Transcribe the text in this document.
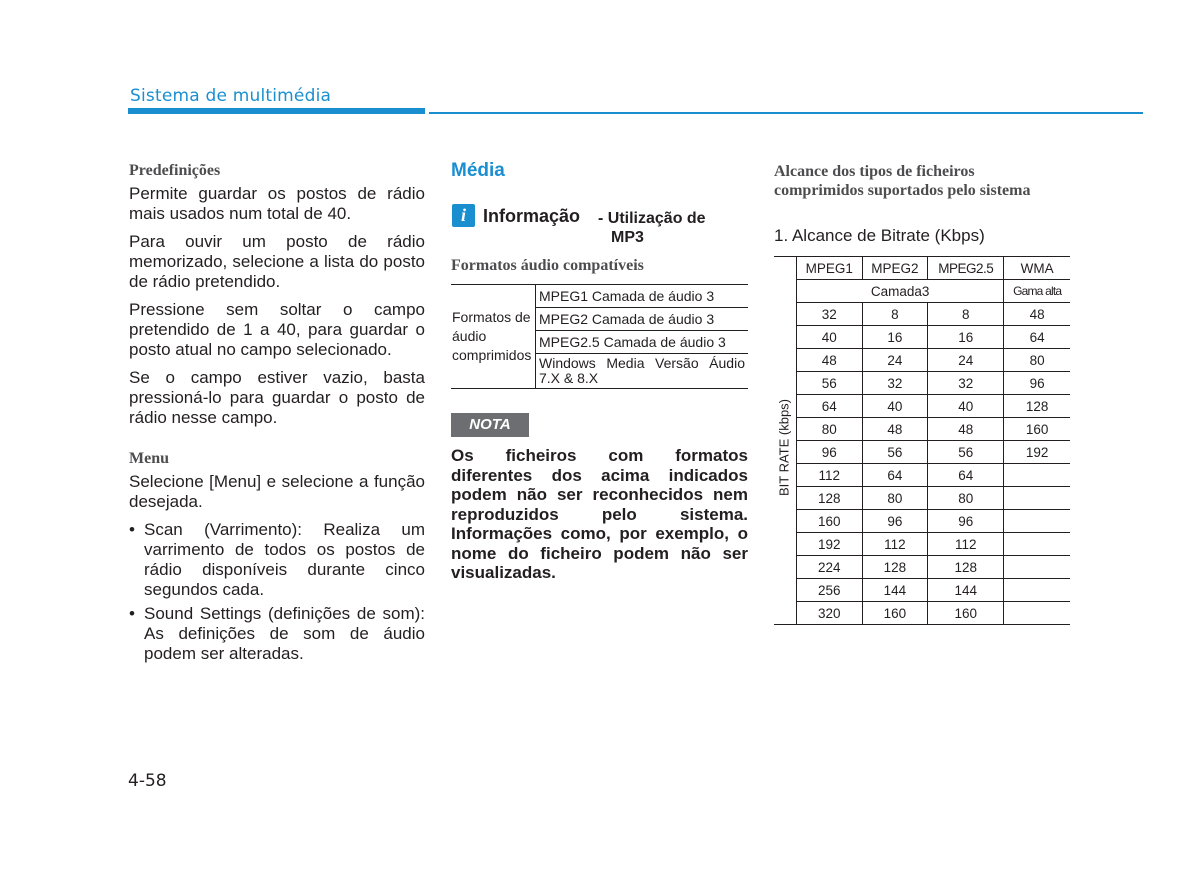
Sistema de multimédia
Predefinições

Permite guardar os postos de rádio mais usados num total de 40.

Para ouvir um posto de rádio memorizado, selecione a lista do posto de rádio pretendido.

Pressione sem soltar o campo pretendido de 1 a 40, para guardar o posto atual no campo selecionado.

Se o campo estiver vazio, basta pressioná-lo para guardar o posto de rádio nesse campo.

Menu

Selecione [Menu] e selecione a função desejada.

• Scan (Varrimento): Realiza um varrimento de todos os postos de rádio disponíveis durante cinco segundos cada.
• Sound Settings (definições de som): As definições de som de áudio podem ser alteradas.
Média
i Informação - Utilização de
MP3
Formatos áudio compatíveis
Formatos de áudio comprimidos	MPEG1 Camada de áudio 3
MPEG2 Camada de áudio 3
MPEG2.5 Camada de áudio 3
Windows Media Versão Áudio 7.X & 8.X
NOTA
Os ficheiros com formatos diferentes dos acima indicados podem não ser reconhecidos nem reproduzidos pelo sistema. Informações como, por exemplo, o nome do ficheiro podem não ser visualizadas.
Alcance dos tipos de ficheiros comprimidos suportados pelo sistema
1. Alcance de Bitrate (Kbps)
	MPEG1	MPEG2	MPEG2.5	WMA
	Camada3			Gama alta
	32	8	8	48
	40	16	16	64
	48	24	24	80
	56	32	32	96
	64	40	40	128
	80	48	48	160
	96	56	56	192
	112	64	64	
	128	80	80	
	160	96	96	
	192	112	112	
	224	128	128	
	256	144	144	
	320	160	160	
BIT RATE (kbps)
4-58
